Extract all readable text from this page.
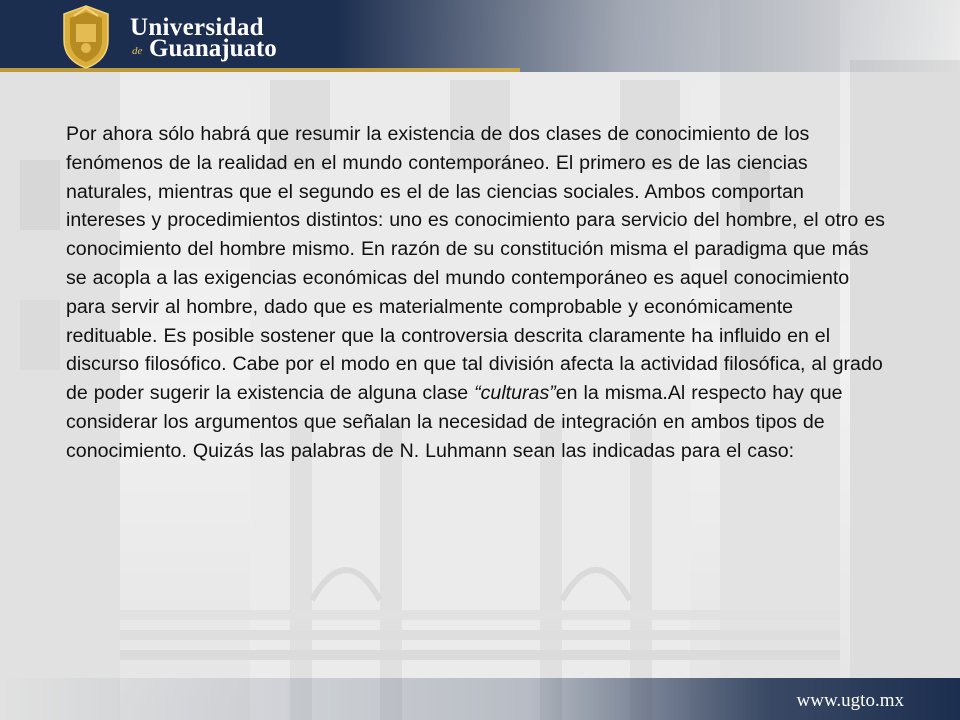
Universidad
de Guanajuato

Por ahora sólo habrá que resumir la existencia de dos clases de conocimiento de los fenómenos de la realidad en el mundo contemporáneo. El primero es de las ciencias naturales, mientras que el segundo es el de las ciencias sociales. Ambos comportan intereses y procedimientos distintos: uno es conocimiento para servicio del hombre, el otro es conocimiento del hombre mismo. En razón de su constitución misma el paradigma que más se acopla a las exigencias económicas del mundo contemporáneo es aquel conocimiento para servir al hombre, dado que es materialmente comprobable y económicamente redituable. Es posible sostener que la controversia descrita claramente ha influido en el discurso filosófico. Cabe por el modo en que tal división afecta la actividad filosófica, al grado de poder sugerir la existencia de alguna clase “culturas”en la misma.Al respecto hay que considerar los argumentos que señalan la necesidad de integración en ambos tipos de conocimiento. Quizás las palabras de N. Luhmann sean las indicadas para el caso:

www.ugto.mx
